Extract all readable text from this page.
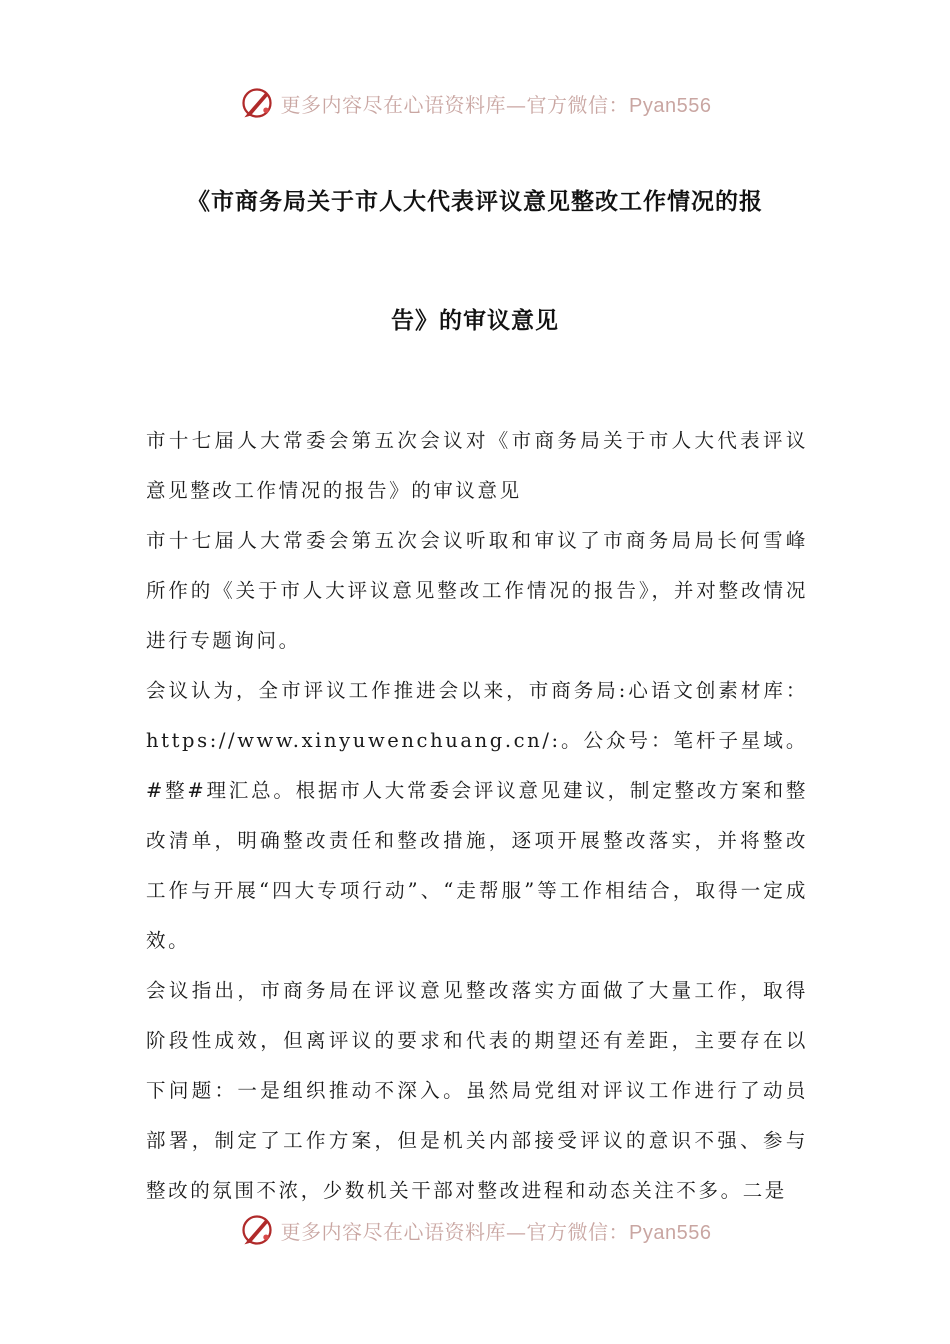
更多内容尽在心语资料库—官方微信：Pyan556
《市商务局关于市人大代表评议意见整改工作情况的报
告》的审议意见

市十七届人大常委会第五次会议对《市商务局关于市人大代表评议意见整改工作情况的报告》的审议意见

市十七届人大常委会第五次会议听取和审议了市商务局局长何雪峰所作的《关于市人大评议意见整改工作情况的报告》，并对整改情况进行专题询问。

会议认为，全市评议工作推进会以来，市商务局:心语文创素材库：https://www.xinyuwenchuang.cn/:。公众号：笔杆子星域。#整#理汇总。根据市人大常委会评议意见建议，制定整改方案和整改清单，明确整改责任和整改措施，逐项开展整改落实，并将整改工作与开展“四大专项行动”、“走帮服”等工作相结合，取得一定成效。

会议指出，市商务局在评议意见整改落实方面做了大量工作，取得阶段性成效，但离评议的要求和代表的期望还有差距，主要存在以下问题：一是组织推动不深入。虽然局党组对评议工作进行了动员部署，制定了工作方案，但是机关内部接受评议的意识不强、参与整改的氛围不浓，少数机关干部对整改进程和动态关注不多。二是

更多内容尽在心语资料库—官方微信：Pyan556
